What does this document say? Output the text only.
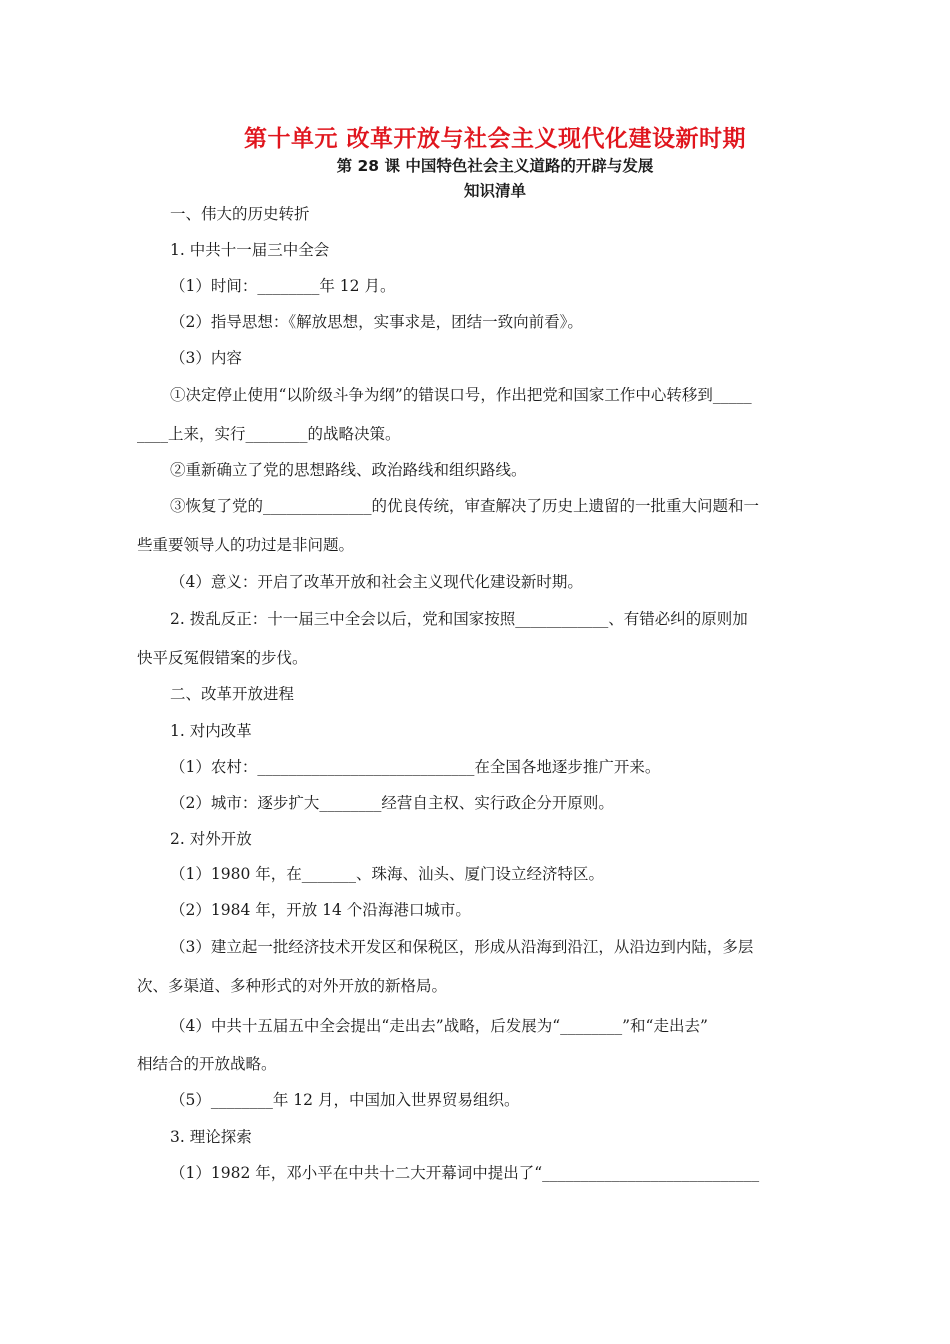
第十单元 改革开放与社会主义现代化建设新时期
第 28 课 中国特色社会主义道路的开辟与发展
知识清单
一、伟大的历史转折
1. 中共十一届三中全会
（1）时间：________年 12 月。
（2）指导思想：《解放思想，实事求是，团结一致向前看》。
（3）内容
①决定停止使用“以阶级斗争为纲”的错误口号，作出把党和国家工作中心转移到_____
____上来，实行________的战略决策。
②重新确立了党的思想路线、政治路线和组织路线。
③恢复了党的______________的优良传统，审查解决了历史上遗留的一批重大问题和一
些重要领导人的功过是非问题。
（4）意义：开启了改革开放和社会主义现代化建设新时期。
2. 拨乱反正：十一届三中全会以后，党和国家按照____________、有错必纠的原则加
快平反冤假错案的步伐。
二、改革开放进程
1. 对内改革
（1）农村：____________________________在全国各地逐步推广开来。
（2）城市：逐步扩大________经营自主权、实行政企分开原则。
2. 对外开放
（1）1980 年，在_______、珠海、汕头、厦门设立经济特区。
（2）1984 年，开放 14 个沿海港口城市。
（3）建立起一批经济技术开发区和保税区，形成从沿海到沿江，从沿边到内陆，多层
次、多渠道、多种形式的对外开放的新格局。
（4）中共十五届五中全会提出“走出去”战略，后发展为“________”和“走出去”
相结合的开放战略。
（5）________年 12 月，中国加入世界贸易组织。
3. 理论探索
（1）1982 年，邓小平在中共十二大开幕词中提出了“____________________________
